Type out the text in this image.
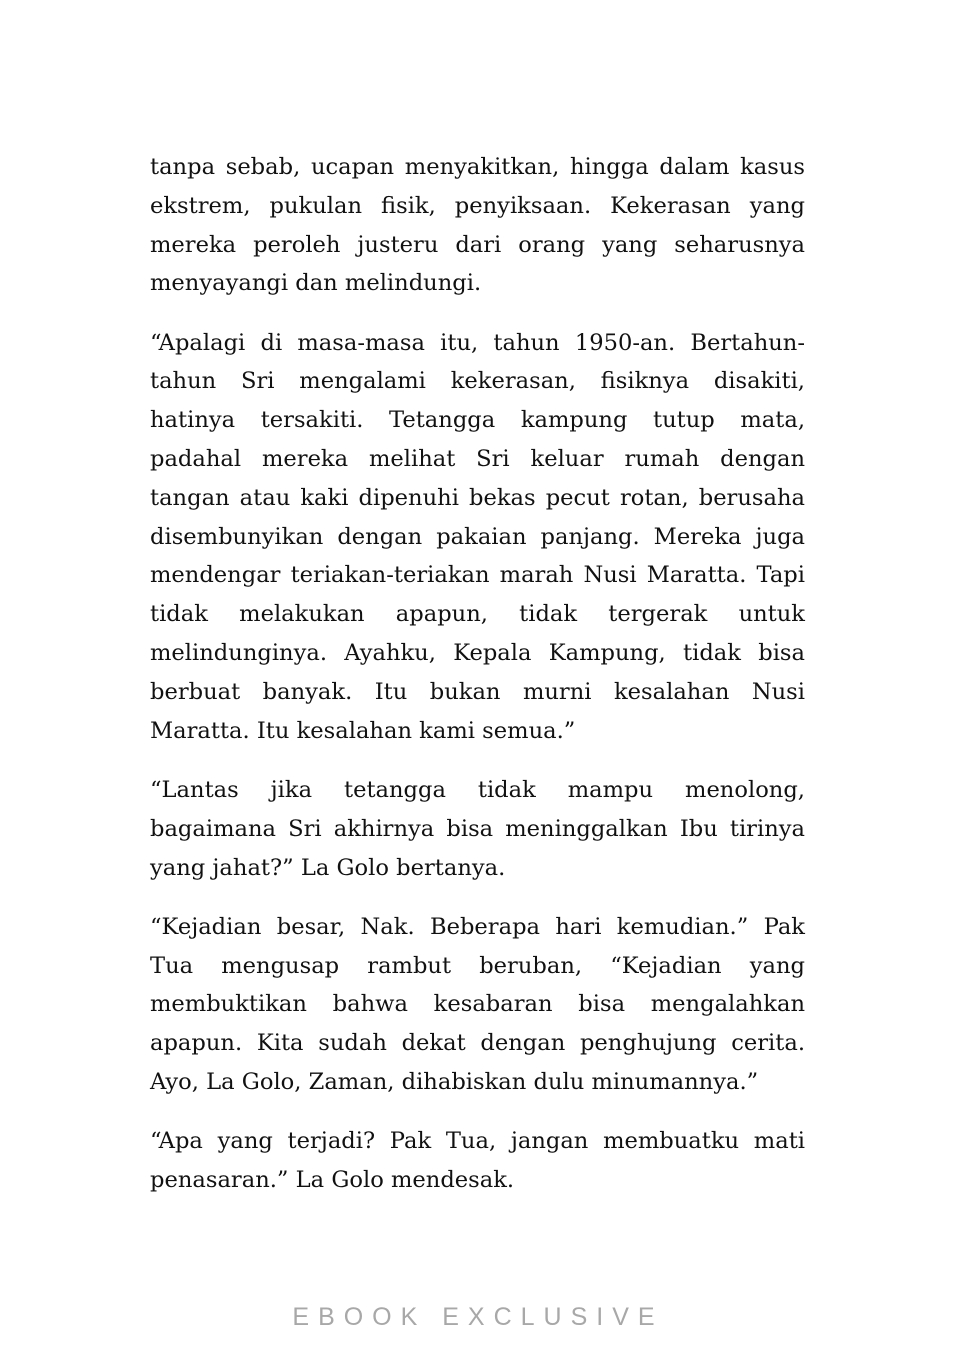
tanpa sebab, ucapan menyakitkan, hingga dalam kasus ekstrem, pukulan fisik, penyiksaan. Kekerasan yang mereka peroleh justeru dari orang yang seharusnya menyayangi dan melindungi.

“Apalagi di masa-masa itu, tahun 1950-an. Bertahun-tahun Sri mengalami kekerasan, fisiknya disakiti, hatinya tersakiti. Tetangga kampung tutup mata, padahal mereka melihat Sri keluar rumah dengan tangan atau kaki dipenuhi bekas pecut rotan, berusaha disembunyikan dengan pakaian panjang. Mereka juga mendengar teriakan-teriakan marah Nusi Maratta. Tapi tidak melakukan apapun, tidak tergerak untuk melindunginya. Ayahku, Kepala Kampung, tidak bisa berbuat banyak. Itu bukan murni kesalahan Nusi Maratta. Itu kesalahan kami semua.”

“Lantas jika tetangga tidak mampu menolong, bagaimana Sri akhirnya bisa meninggalkan Ibu tirinya yang jahat?” La Golo bertanya.

“Kejadian besar, Nak. Beberapa hari kemudian.” Pak Tua mengusap rambut beruban, “Kejadian yang membuktikan bahwa kesabaran bisa mengalahkan apapun. Kita sudah dekat dengan penghujung cerita. Ayo, La Golo, Zaman, dihabiskan dulu minumannya.”

“Apa yang terjadi? Pak Tua, jangan membuatku mati penasaran.” La Golo mendesak.

EBOOK EXCLUSIVE
